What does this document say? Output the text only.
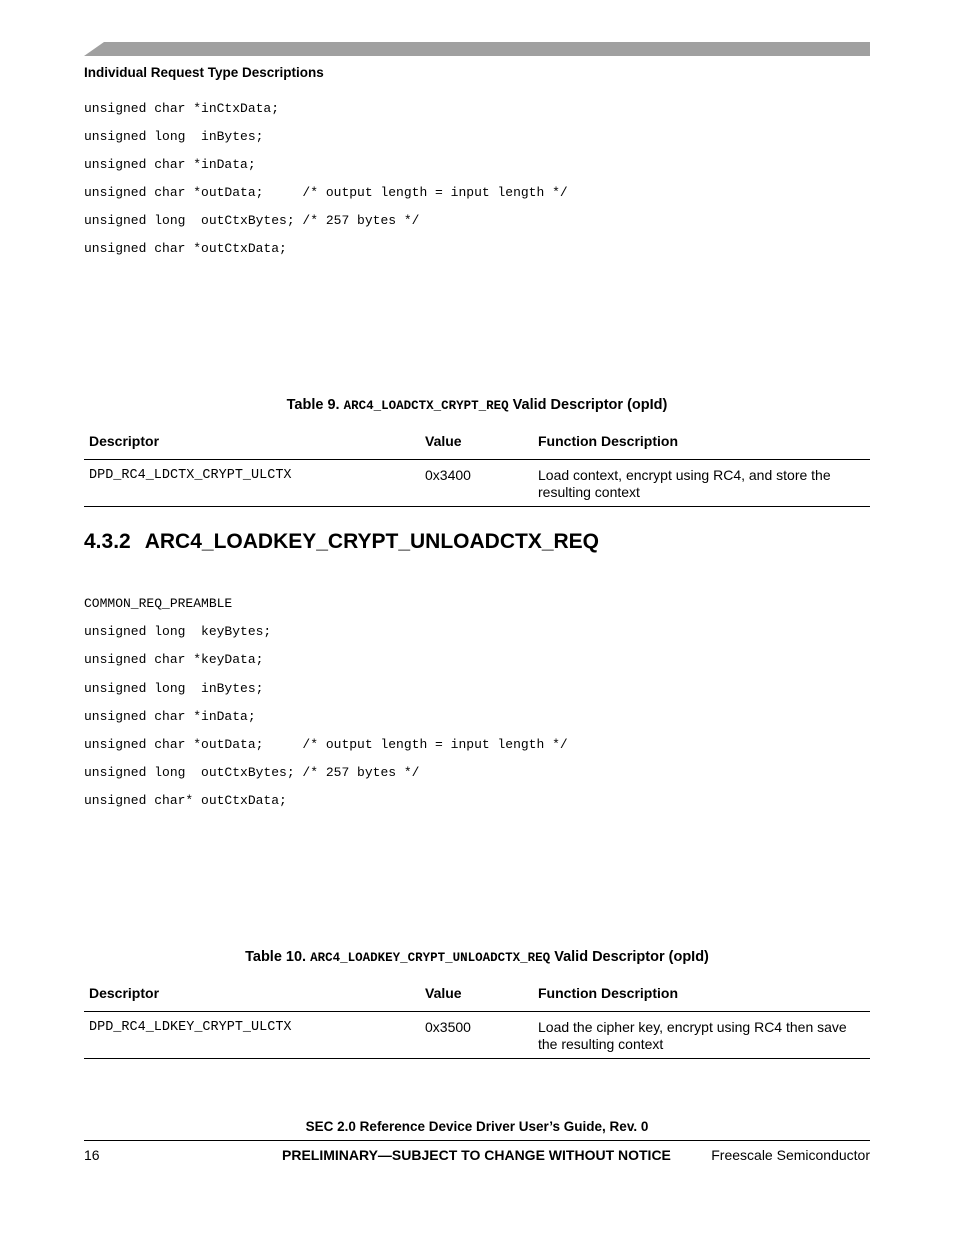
Individual Request Type Descriptions
unsigned char *inCtxData;
unsigned long  inBytes;
unsigned char *inData;
unsigned char *outData;     /* output length = input length */
unsigned long  outCtxBytes; /* 257 bytes */
unsigned char *outCtxData;
Table 9. ARC4_LOADCTX_CRYPT_REQ Valid Descriptor (opId)
Descriptor	Value	Function Description
DPD_RC4_LDCTX_CRYPT_ULCTX	0x3400	Load context, encrypt using RC4, and store the resulting context
4.3.2 ARC4_LOADKEY_CRYPT_UNLOADCTX_REQ
COMMON_REQ_PREAMBLE
unsigned long  keyBytes;
unsigned char *keyData;
unsigned long  inBytes;
unsigned char *inData;
unsigned char *outData;     /* output length = input length */
unsigned long  outCtxBytes; /* 257 bytes */
unsigned char* outCtxData;
Table 10. ARC4_LOADKEY_CRYPT_UNLOADCTX_REQ Valid Descriptor (opId)
Descriptor	Value	Function Description
DPD_RC4_LDKEY_CRYPT_ULCTX	0x3500	Load the cipher key, encrypt using RC4 then save the resulting context
SEC 2.0 Reference Device Driver User’s Guide, Rev. 0
16	PRELIMINARY—SUBJECT TO CHANGE WITHOUT NOTICE	Freescale Semiconductor
